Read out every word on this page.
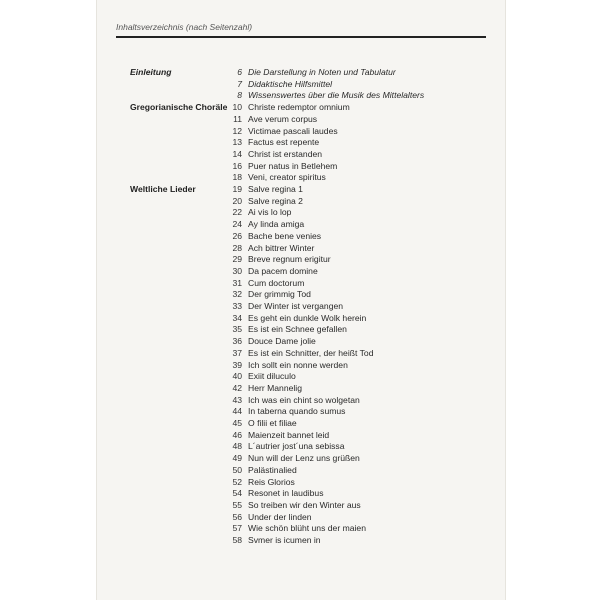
Inhaltsverzeichnis (nach Seitenzahl)
Einleitung	6 Die Darstellung in Noten und Tabulatur
7 Didaktische Hilfsmittel
8 Wissenswertes über die Musik des Mittelalters
Gregorianische Choräle 10 Christe redemptor omnium
11 Ave verum corpus
12 Victimae pascali laudes
13 Factus est repente
14 Christ ist erstanden
16 Puer natus in Betlehem
18 Veni, creator spiritus
Weltliche Lieder	19 Salve regina 1
20 Salve regina 2
22 Ai vis lo lop
24 Ay linda amiga
26 Bache bene venies
28 Ach bittrer Winter
29 Breve regnum erigitur
30 Da pacem domine
31 Cum doctorum
32 Der grimmig Tod
33 Der Winter ist vergangen
34 Es geht ein dunkle Wolk herein
35 Es ist ein Schnee gefallen
36 Douce Dame jolie
37 Es ist ein Schnitter, der heißt Tod
39 Ich sollt ein nonne werden
40 Exiit diluculo
42 Herr Mannelig
43 Ich was ein chint so wolgetan
44 In taberna quando sumus
45 O filii et filiae
46 Maienzeit bannet leid
48 L´autrier jost´una sebissa
49 Nun will der Lenz uns grüßen
50 Palästinalied
52 Reis Glorios
54 Resonet in laudibus
55 So treiben wir den Winter aus
56 Under der linden
57 Wie schön blüht uns der maien
58 Svmer is icumen in
